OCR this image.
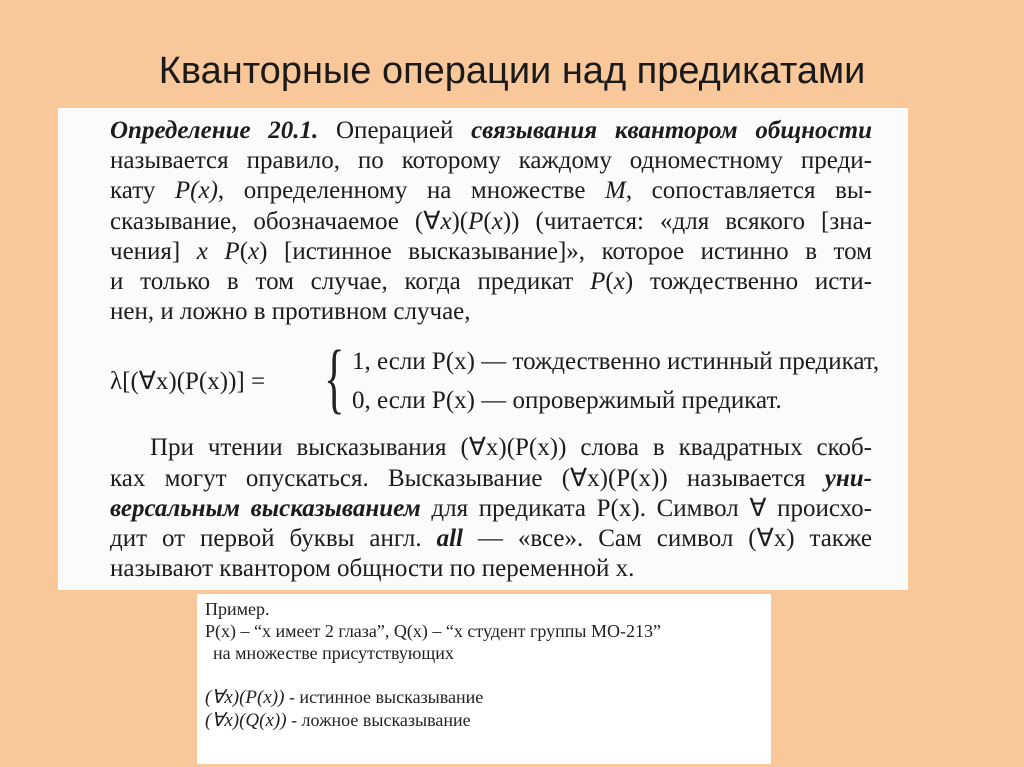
Кванторные операции над предикатами

Определение 20.1. Операцией связывания квантором общности
называется правило, по которому каждому одноместному преди-
кату P(x), определенному на множестве M, сопоставляется вы-
сказывание, обозначаемое (∀x)(P(x)) (читается: «для всякого [зна-
чения] x P(x) [истинное высказывание]», которое истинно в том
и только в том случае, когда предикат P(x) тождественно исти-
нен, и ложно в противном случае,

λ[(∀x)(P(x))] = { 1, если P(x) — тождественно истинный предикат,
0, если P(x) — опровержимый предикат.

При чтении высказывания (∀x)(P(x)) слова в квадратных скоб-
ках могут опускаться. Высказывание (∀x)(P(x)) называется уни-
версальным высказыванием для предиката P(x). Символ ∀ происхо-
дит от первой буквы англ. all — «все». Сам символ (∀x) также
называют квантором общности по переменной x.

Пример.
P(x) – “x имеет 2 глаза”, Q(x) – “x студент группы МО-213”
на множестве присутствующих
(∀x)(P(x)) - истинное высказывание
(∀x)(Q(x)) - ложное высказывание
